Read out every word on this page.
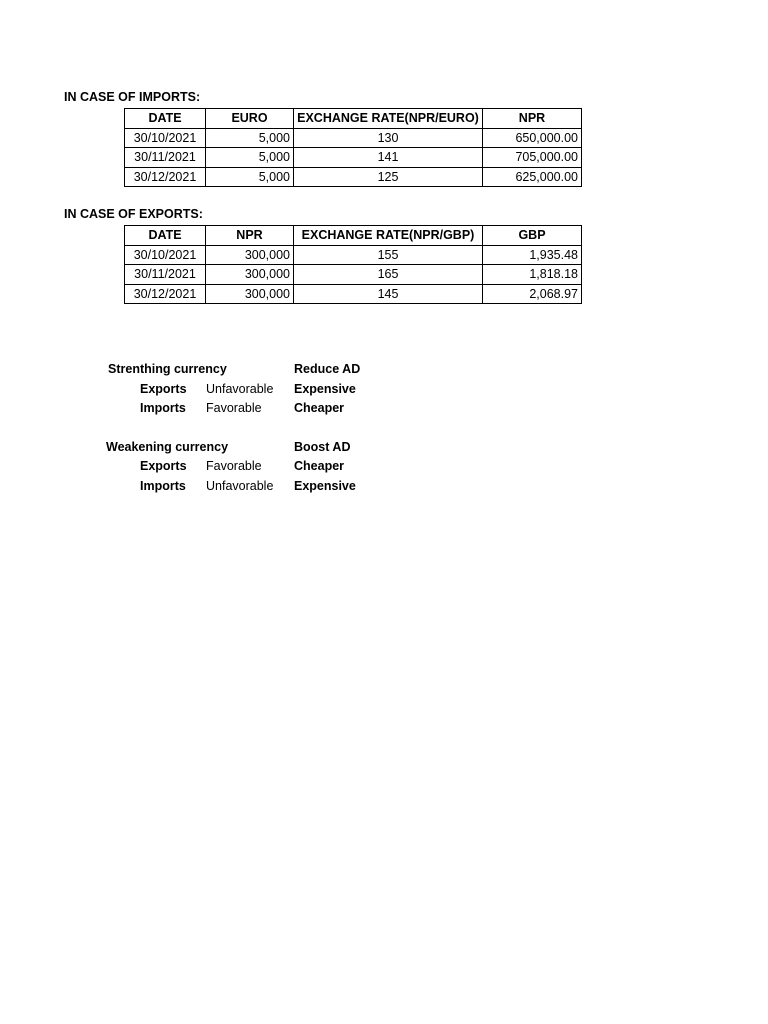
IN CASE OF IMPORTS:
DATE	EURO	EXCHANGE RATE(NPR/EURO)	NPR
30/10/2021	5,000	130	650,000.00
30/11/2021	5,000	141	705,000.00
30/12/2021	5,000	125	625,000.00
IN CASE OF EXPORTS:
DATE	NPR	EXCHANGE RATE(NPR/GBP)	GBP
30/10/2021	300,000	155	1,935.48
30/11/2021	300,000	165	1,818.18
30/12/2021	300,000	145	2,068.97
Strenthing currency	Reduce AD
Exports Unfavorable Expensive
Imports Favorable	Cheaper
Weakening currency	Boost AD
Exports Favorable	Cheaper
Imports Unfavorable Expensive
